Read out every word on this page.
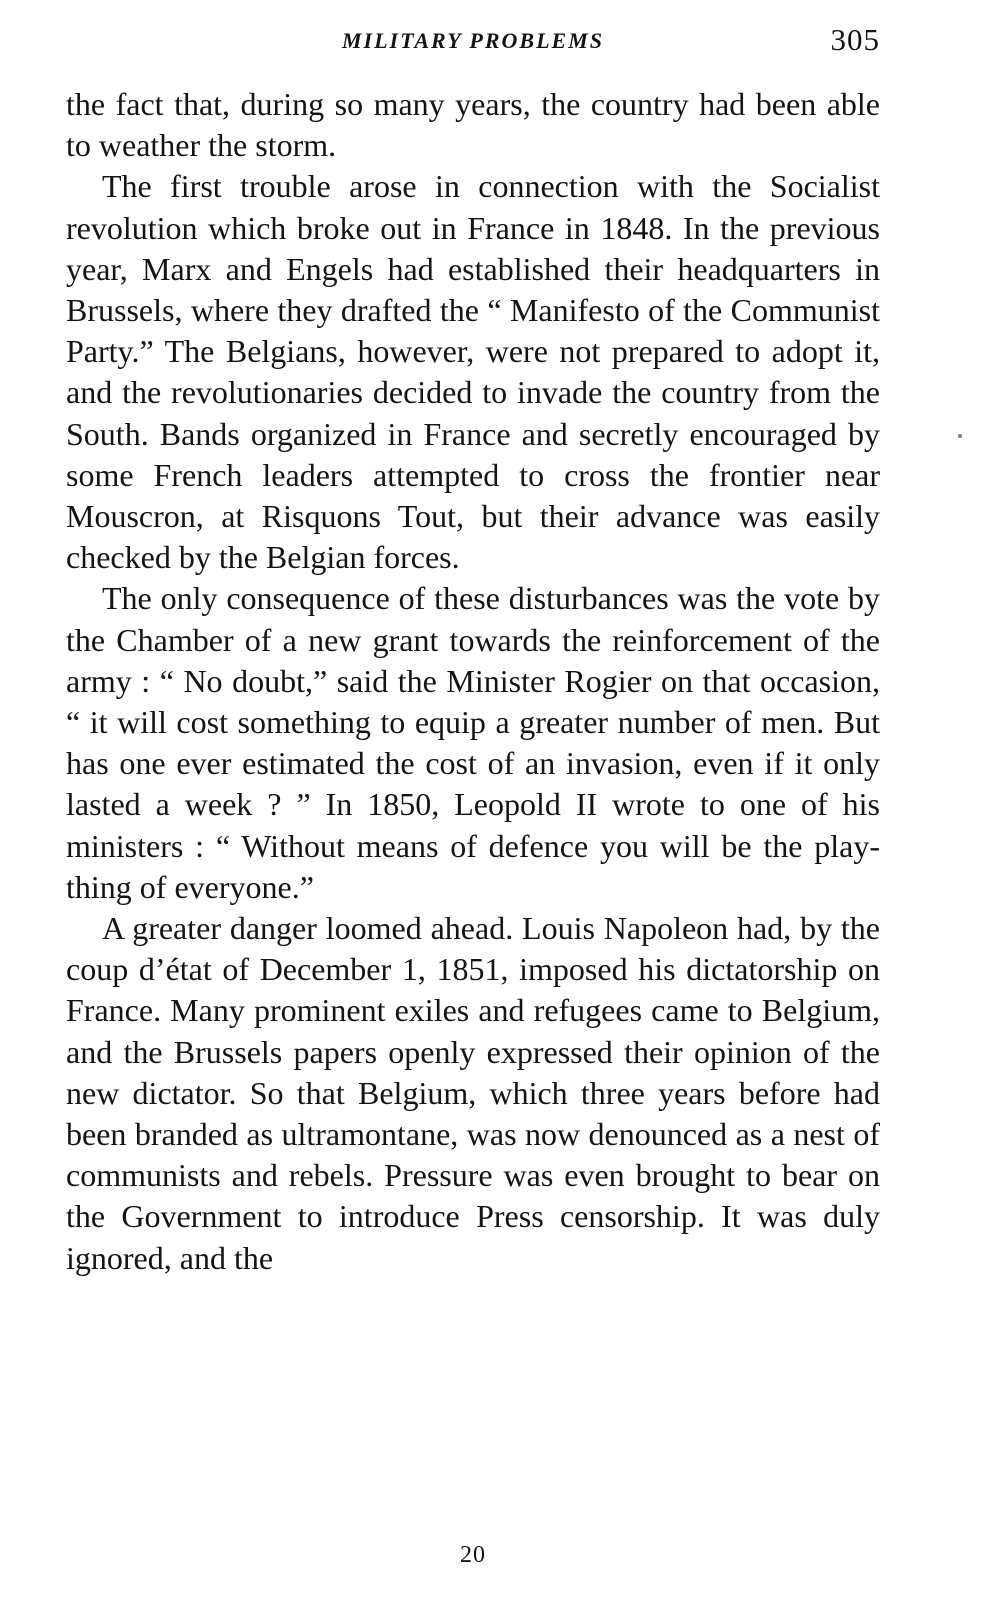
MILITARY PROBLEMS	305

the fact that, during so many years, the country had been able to weather the storm.

The first trouble arose in connection with the Socialist revolution which broke out in France in 1848. In the previous year, Marx and Engels had established their headquarters in Brussels, where they drafted the “ Manifesto of the Communist Party.” The Belgians, however, were not prepared to adopt it, and the revolutionaries decided to invade the country from the South. Bands organized in France and secretly encouraged by some French leaders attempted to cross the frontier near Mouscron, at Risquons Tout, but their advance was easily checked by the Belgian forces.

The only consequence of these disturbances was the vote by the Chamber of a new grant towards the reinforcement of the army : “ No doubt,” said the Minister Rogier on that occasion, “ it will cost something to equip a greater number of men. But has one ever estimated the cost of an invasion, even if it only lasted a week ? ” In 1850, Leopold II wrote to one of his ministers : “ Without means of defence you will be the plaything of everyone.”

A greater danger loomed ahead. Louis Napoleon had, by the coup d’état of December 1, 1851, imposed his dictatorship on France. Many prominent exiles and refugees came to Belgium, and the Brussels papers openly expressed their opinion of the new dictator. So that Belgium, which three years before had been branded as ultramontane, was now denounced as a nest of communists and rebels. Pressure was even brought to bear on the Government to introduce Press censorship. It was duly ignored, and the

20
